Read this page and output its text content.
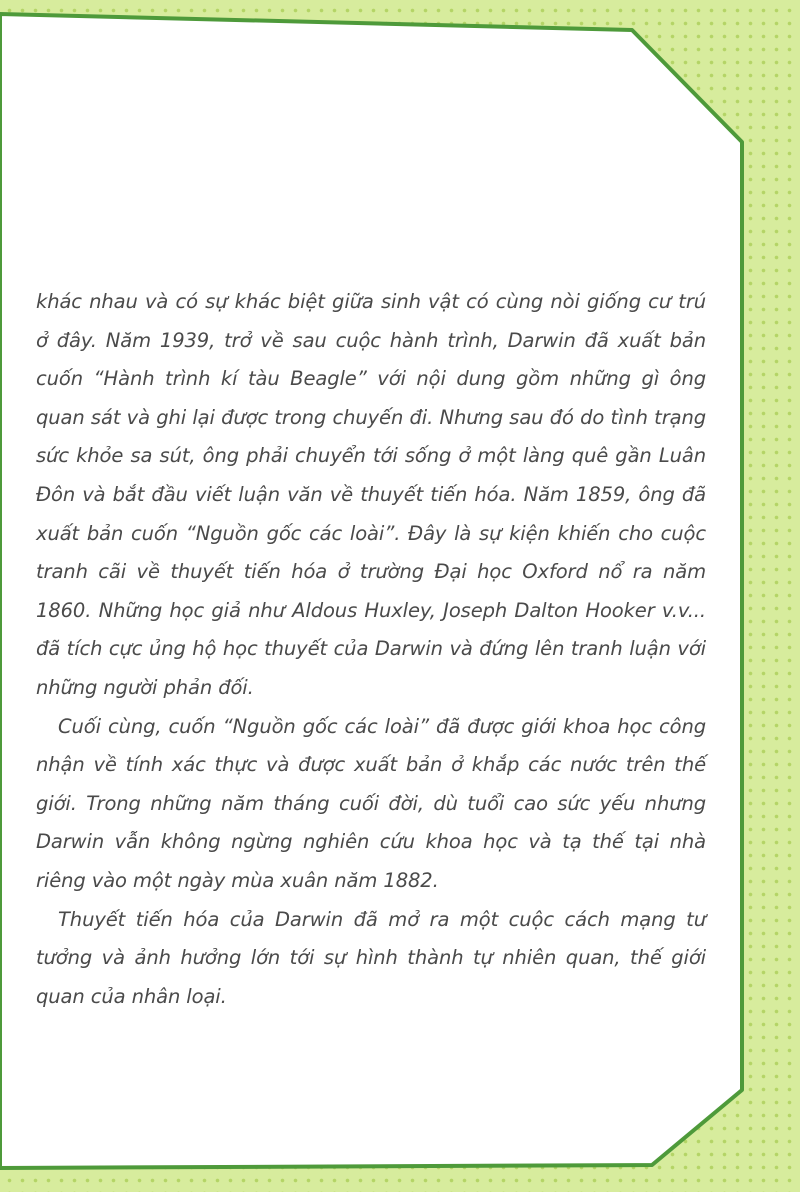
khác nhau và có sự khác biệt giữa sinh vật có cùng nòi giống cư trú ở đây. Năm 1939, trở về sau cuộc hành trình, Darwin đã xuất bản cuốn “Hành trình kí tàu Beagle” với nội dung gồm những gì ông quan sát và ghi lại được trong chuyến đi. Nhưng sau đó do tình trạng sức khỏe sa sút, ông phải chuyển tới sống ở một làng quê gần Luân Đôn và bắt đầu viết luận văn về thuyết tiến hóa. Năm 1859, ông đã xuất bản cuốn “Nguồn gốc các loài”. Đây là sự kiện khiến cho cuộc tranh cãi về thuyết tiến hóa ở trường Đại học Oxford nổ ra năm 1860. Những học giả như Aldous Huxley, Joseph Dalton Hooker v.v... đã tích cực ủng hộ học thuyết của Darwin và đứng lên tranh luận với những người phản đối.

Cuối cùng, cuốn “Nguồn gốc các loài” đã được giới khoa học công nhận về tính xác thực và được xuất bản ở khắp các nước trên thế giới. Trong những năm tháng cuối đời, dù tuổi cao sức yếu nhưng Darwin vẫn không ngừng nghiên cứu khoa học và tạ thế tại nhà riêng vào một ngày mùa xuân năm 1882.

Thuyết tiến hóa của Darwin đã mở ra một cuộc cách mạng tư tưởng và ảnh hưởng lớn tới sự hình thành tự nhiên quan, thế giới quan của nhân loại.
